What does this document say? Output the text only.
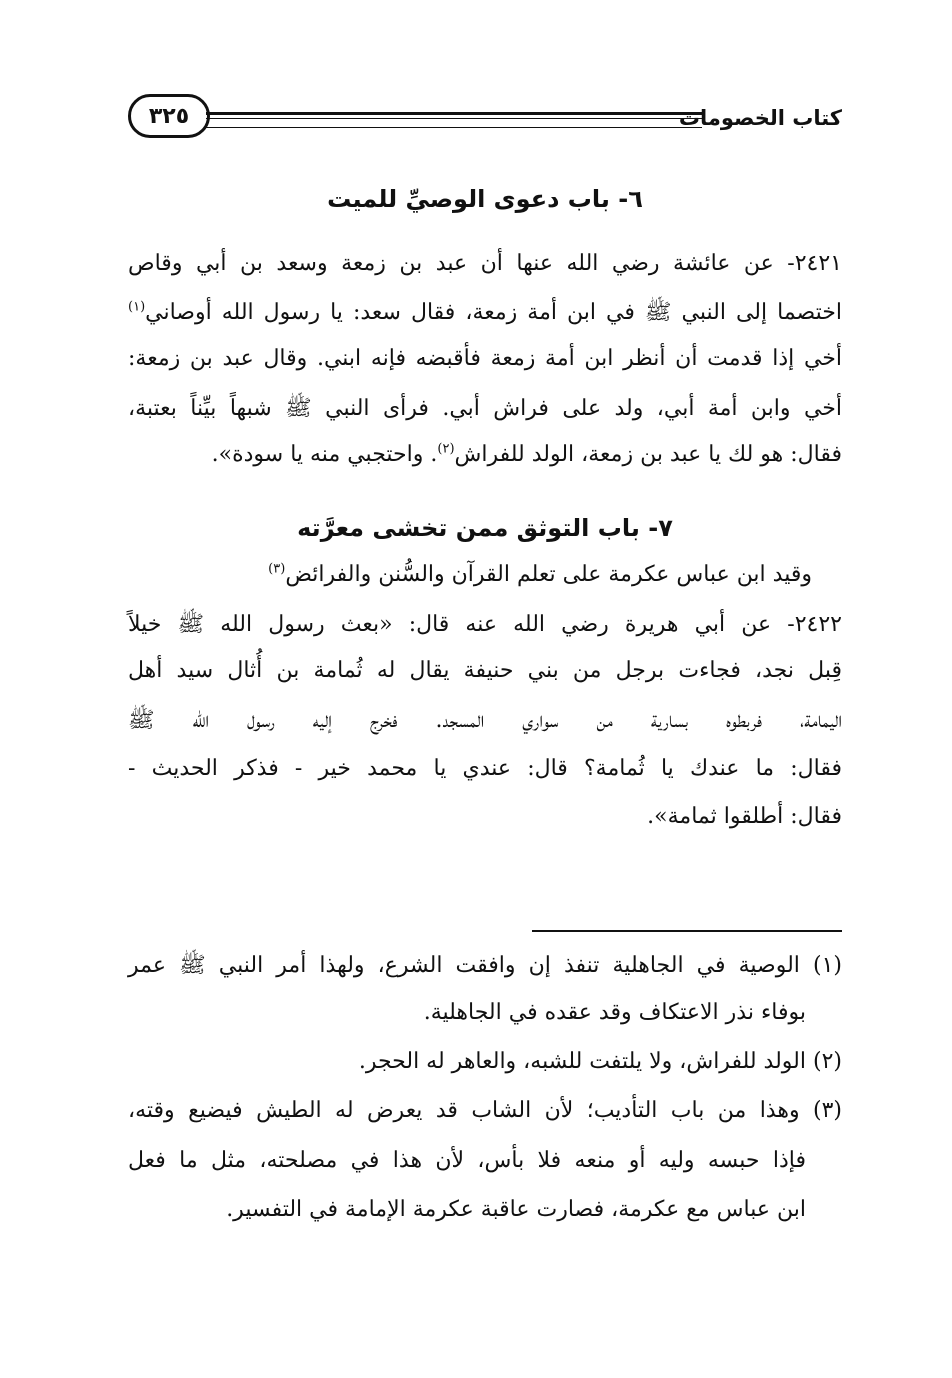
كتاب الخصومات
٣٢٥
٦- باب دعوى الوصيِّ للميت
٢٤٢١- عن عائشة رضي الله عنها أن عبد بن زمعة وسعد بن أبي وقاص
اختصما إلى النبي ﷺ في ابن أمة زمعة، فقال سعد: يا رسول الله أوصاني$^{(١)}$
أخي إذا قدمت أن أنظر ابن أمة زمعة فأقبضه فإنه ابني. وقال عبد بن زمعة:
أخي وابن أمة أبي، ولد على فراش أبي. فرأى النبي ﷺ شبهاً بيِّناً بعتبة،
فقال: هو لك يا عبد بن زمعة، الولد للفراش$^{(٢)}$. واحتجبي منه يا سودة».
٧- باب التوثق ممن تخشى معرَّته
وقيد ابن عباس عكرمة على تعلم القرآن والسُّنن والفرائض$^{(٣)}$
٢٤٢٢- عن أبي هريرة رضي الله عنه قال: «بعث رسول الله ﷺ خيلاً
قِبل نجد، فجاءت برجل من بني حنيفة يقال له ثُمامة بن أُثال سيد أهل
اليمامة، فربطوه بسارية من سواري المسجد. فخرج إليه رسول الله ﷺ
فقال: ما عندك يا ثُمامة؟ قال: عندي يا محمد خير - فذكر الحديث -
فقال: أطلقوا ثمامة».
(١) الوصية في الجاهلية تنفذ إن وافقت الشرع، ولهذا أمر النبي ﷺ عمر
بوفاء نذر الاعتكاف وقد عقده في الجاهلية.
(٢) الولد للفراش، ولا يلتفت للشبه، والعاهر له الحجر.
(٣) وهذا من باب التأديب؛ لأن الشاب قد يعرض له الطيش فيضيع وقته،
فإذا حبسه وليه أو منعه فلا بأس، لأن هذا في مصلحته، مثل ما فعل
ابن عباس مع عكرمة، فصارت عاقبة عكرمة الإمامة في التفسير.
